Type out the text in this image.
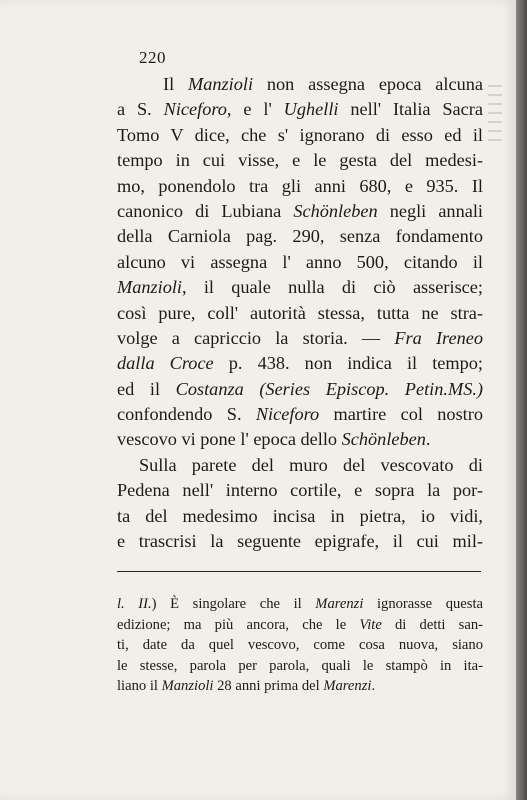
220
Il Manzioli non assegna epoca alcuna
a S. Niceforo, e l' Ughelli nell' Italia Sacra
Tomo V dice, che s' ignorano di esso ed il
tempo in cui visse, e le gesta del medesi-
mo, ponendolo tra gli anni 680, e 935. Il
canonico di Lubiana Schönleben negli annali
della Carniola pag. 290, senza fondamento
alcuno vi assegna l' anno 500, citando il
Manzioli, il quale nulla di ciò asserisce;
così pure, coll' autorità stessa, tutta ne stra-
volge a capriccio la storia. — Fra Ireneo
dalla Croce p. 438. non indica il tempo;
ed il Costanza (Series Episcop. Petin.MS.)
confondendo S. Niceforo martire col nostro
vescovo vi pone l' epoca dello Schönleben.
Sulla parete del muro del vescovato di
Pedena nell' interno cortile, e sopra la por-
ta del medesimo incisa in pietra, io vidi,
e trascrisi la seguente epigrafe, il cui mil-
l. II.) È singolare che il Marenzi ignorasse questa
edizione; ma più ancora, che le Vite di detti san-
ti, date da quel vescovo, come cosa nuova, siano
le stesse, parola per parola, quali le stampò in ita-
liano il Manzioli 28 anni prima del Marenzi.
